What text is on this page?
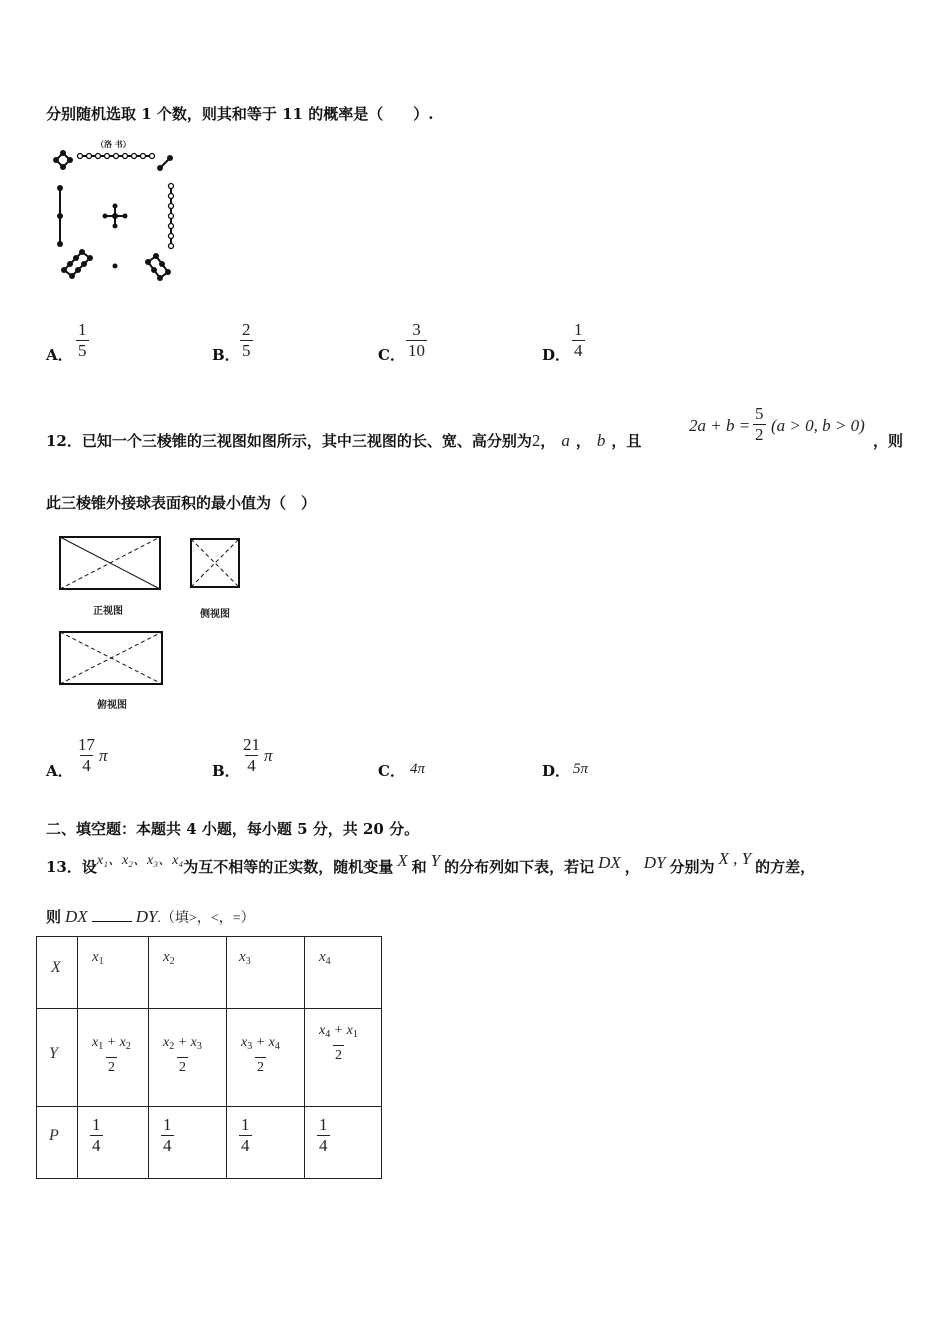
分别随机选取 1 个数，则其和等于 11 的概率是（　　）.
（洛 书）
A． $\frac{1}{5}$	B． $\frac{2}{5}$	C． $\frac{3}{10}$	D． $\frac{1}{4}$
12．已知一个三棱锥的三视图如图所示，其中三视图的长、宽、高分别为2， a ， b ，且
$2a + b = \frac{5}{2} (a > 0$, b > 0)
，则
此三棱锥外接球表面积的最小值为（　）
正视图	侧视图
俯视图
A． $\frac{17}{4}$ π
B． $\frac{21}{4}$ π
C． 4π	D． 5π
二、填空题：本题共 4 小题，每小题 5 分，共 20 分。
13．设x₁、x₂、x₃、x₄为互不相等的正实数，随机变量 X 和 Y 的分布列如下表，若记 DX ， DY 分别为 X , Y 的方差，
则 DX	DY.（填>，<，=）
X	$x_1$	$x_2$	$x_3$	$x_4$

Y	$\frac{x_1 + x_2}{2}$	$\frac{x_2 + x_3}{2}$	$\frac{x_3 + x_4}{2}$	$\frac{x_4 + x_1}{2}$

P	$\frac{1}{4}$	$\frac{1}{4}$	$\frac{1}{4}$	$\frac{1}{4}$
